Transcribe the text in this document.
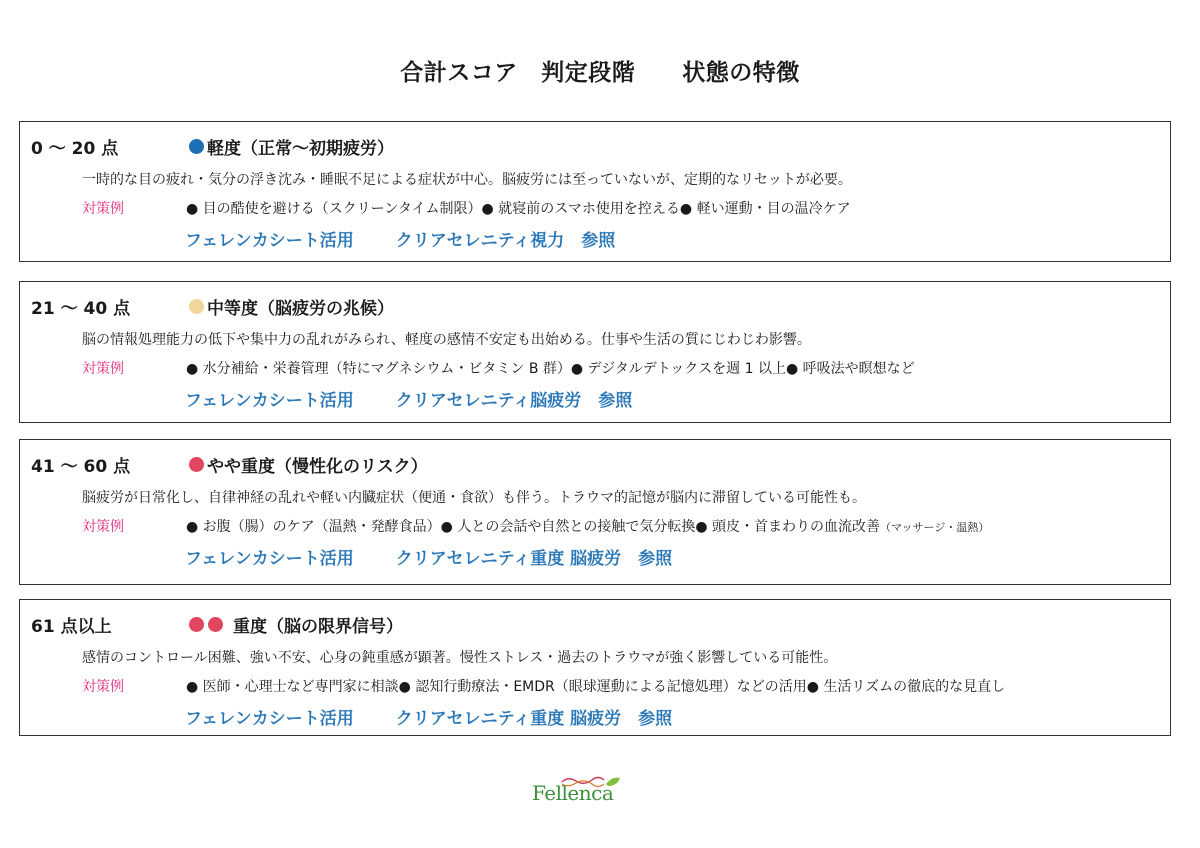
合計スコア　判定段階　　状態の特徴
0 〜 20 点	軽度（正常〜初期疲労）
一時的な目の疲れ・気分の浮き沈み・睡眠不足による症状が中心。脳疲労には至っていないが、定期的なリセットが必要。
対策例	● 目の酷使を避ける（スクリーンタイム制限）● 就寝前のスマホ使用を控える● 軽い運動・目の温冷ケア
フェレンカシート活用 クリアセレニティ視力　参照
21 〜 40 点	中等度（脳疲労の兆候）
脳の情報処理能力の低下や集中力の乱れがみられ、軽度の感情不安定も出始める。仕事や生活の質にじわじわ影響。
対策例	● 水分補給・栄養管理（特にマグネシウム・ビタミン B 群）● デジタルデトックスを週 1 以上● 呼吸法や瞑想など
フェレンカシート活用 クリアセレニティ脳疲労　参照
41 〜 60 点	やや重度（慢性化のリスク）
脳疲労が日常化し、自律神経の乱れや軽い内臓症状（便通・食欲）も伴う。トラウマ的記憶が脳内に滞留している可能性も。
対策例	● お腹（腸）のケア（温熱・発酵食品）● 人との会話や自然との接触で気分転換● 頭皮・首まわりの血流改善（マッサージ・温熱）
フェレンカシート活用 クリアセレニティ重度 脳疲労　参照
61 点以上	重度（脳の限界信号）
感情のコントロール困難、強い不安、心身の鈍重感が顕著。慢性ストレス・過去のトラウマが強く影響している可能性。
対策例	● 医師・心理士など専門家に相談● 認知行動療法・EMDR（眼球運動による記憶処理）などの活用● 生活リズムの徹底的な見直し
フェレンカシート活用 クリアセレニティ重度 脳疲労　参照
Fellenca
